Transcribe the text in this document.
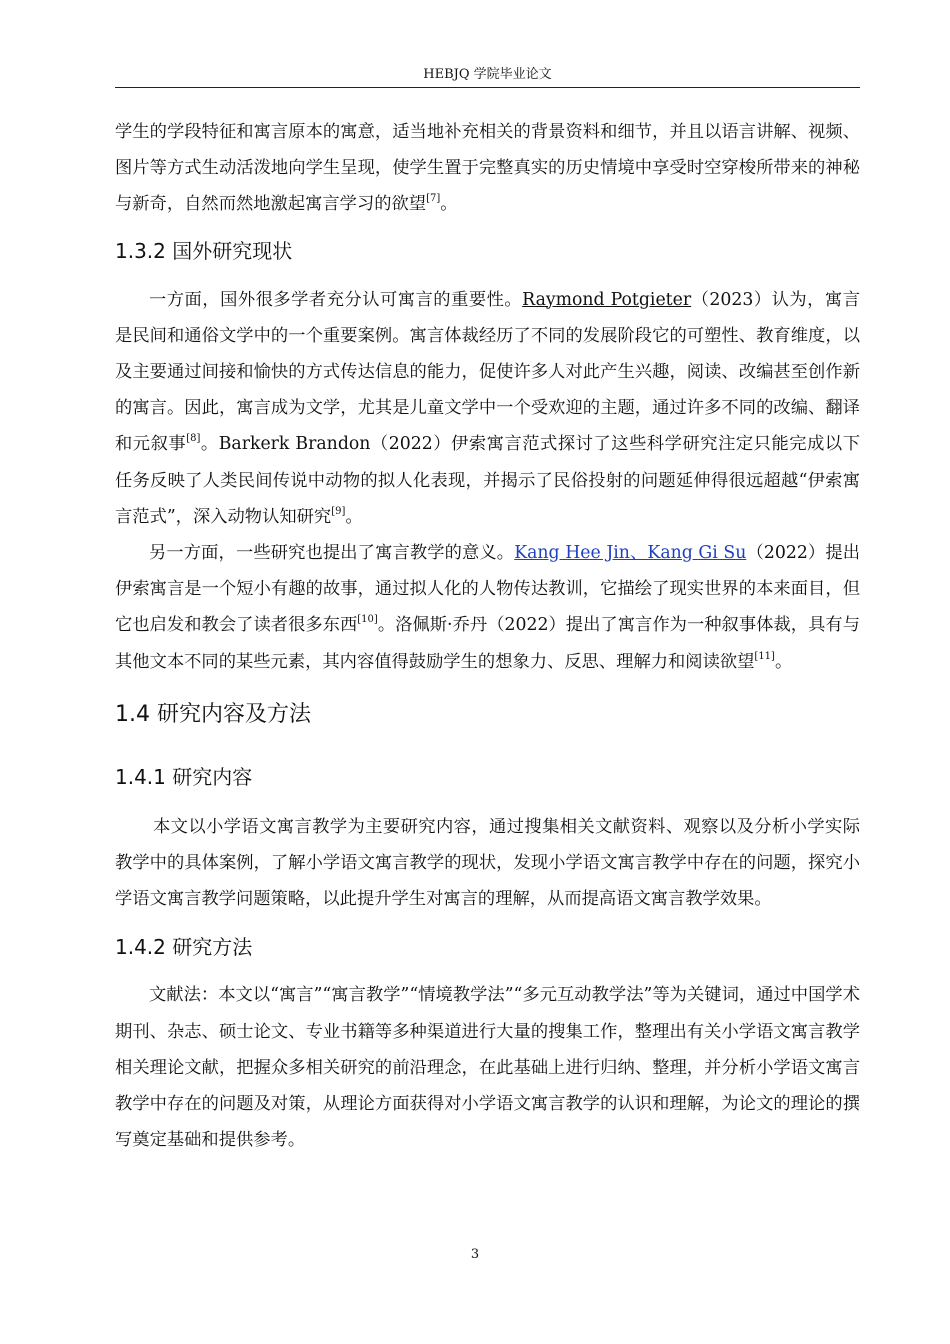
HEBJQ 学院毕业论文

学生的学段特征和寓言原本的寓意，适当地补充相关的背景资料和细节，并且以语言讲解、视频、图片等方式生动活泼地向学生呈现，使学生置于完整真实的历史情境中享受时空穿梭所带来的神秘与新奇，自然而然地激起寓言学习的欲望[7]。

1.3.2 国外研究现状

一方面，国外很多学者充分认可寓言的重要性。Raymond Potgieter（2023）认为，寓言是民间和通俗文学中的一个重要案例。寓言体裁经历了不同的发展阶段它的可塑性、教育维度，以及主要通过间接和愉快的方式传达信息的能力，促使许多人对此产生兴趣，阅读、改编甚至创作新的寓言。因此，寓言成为文学，尤其是儿童文学中一个受欢迎的主题，通过许多不同的改编、翻译和元叙事[8]。Barkerk Brandon（2022）伊索寓言范式探讨了这些科学研究注定只能完成以下任务反映了人类民间传说中动物的拟人化表现，并揭示了民俗投射的问题延伸得很远超越“伊索寓言范式”，深入动物认知研究[9]。

另一方面，一些研究也提出了寓言教学的意义。Kang Hee Jin、Kang Gi Su（2022）提出伊索寓言是一个短小有趣的故事，通过拟人化的人物传达教训，它描绘了现实世界的本来面目，但它也启发和教会了读者很多东西[10]。洛佩斯·乔丹（2022）提出了寓言作为一种叙事体裁，具有与其他文本不同的某些元素，其内容值得鼓励学生的想象力、反思、理解力和阅读欲望[11]。

1.4 研究内容及方法
1.4.1 研究内容

本文以小学语文寓言教学为主要研究内容，通过搜集相关文献资料、观察以及分析小学实际教学中的具体案例，了解小学语文寓言教学的现状，发现小学语文寓言教学中存在的问题，探究小学语文寓言教学问题策略，以此提升学生对寓言的理解，从而提高语文寓言教学效果。

1.4.2 研究方法

文献法：本文以“寓言”“寓言教学”“情境教学法”“多元互动教学法”等为关键词，通过中国学术期刊、杂志、硕士论文、专业书籍等多种渠道进行大量的搜集工作，整理出有关小学语文寓言教学相关理论文献，把握众多相关研究的前沿理念，在此基础上进行归纳、整理，并分析小学语文寓言教学中存在的问题及对策，从理论方面获得对小学语文寓言教学的认识和理解，为论文的理论的撰写奠定基础和提供参考。

3
